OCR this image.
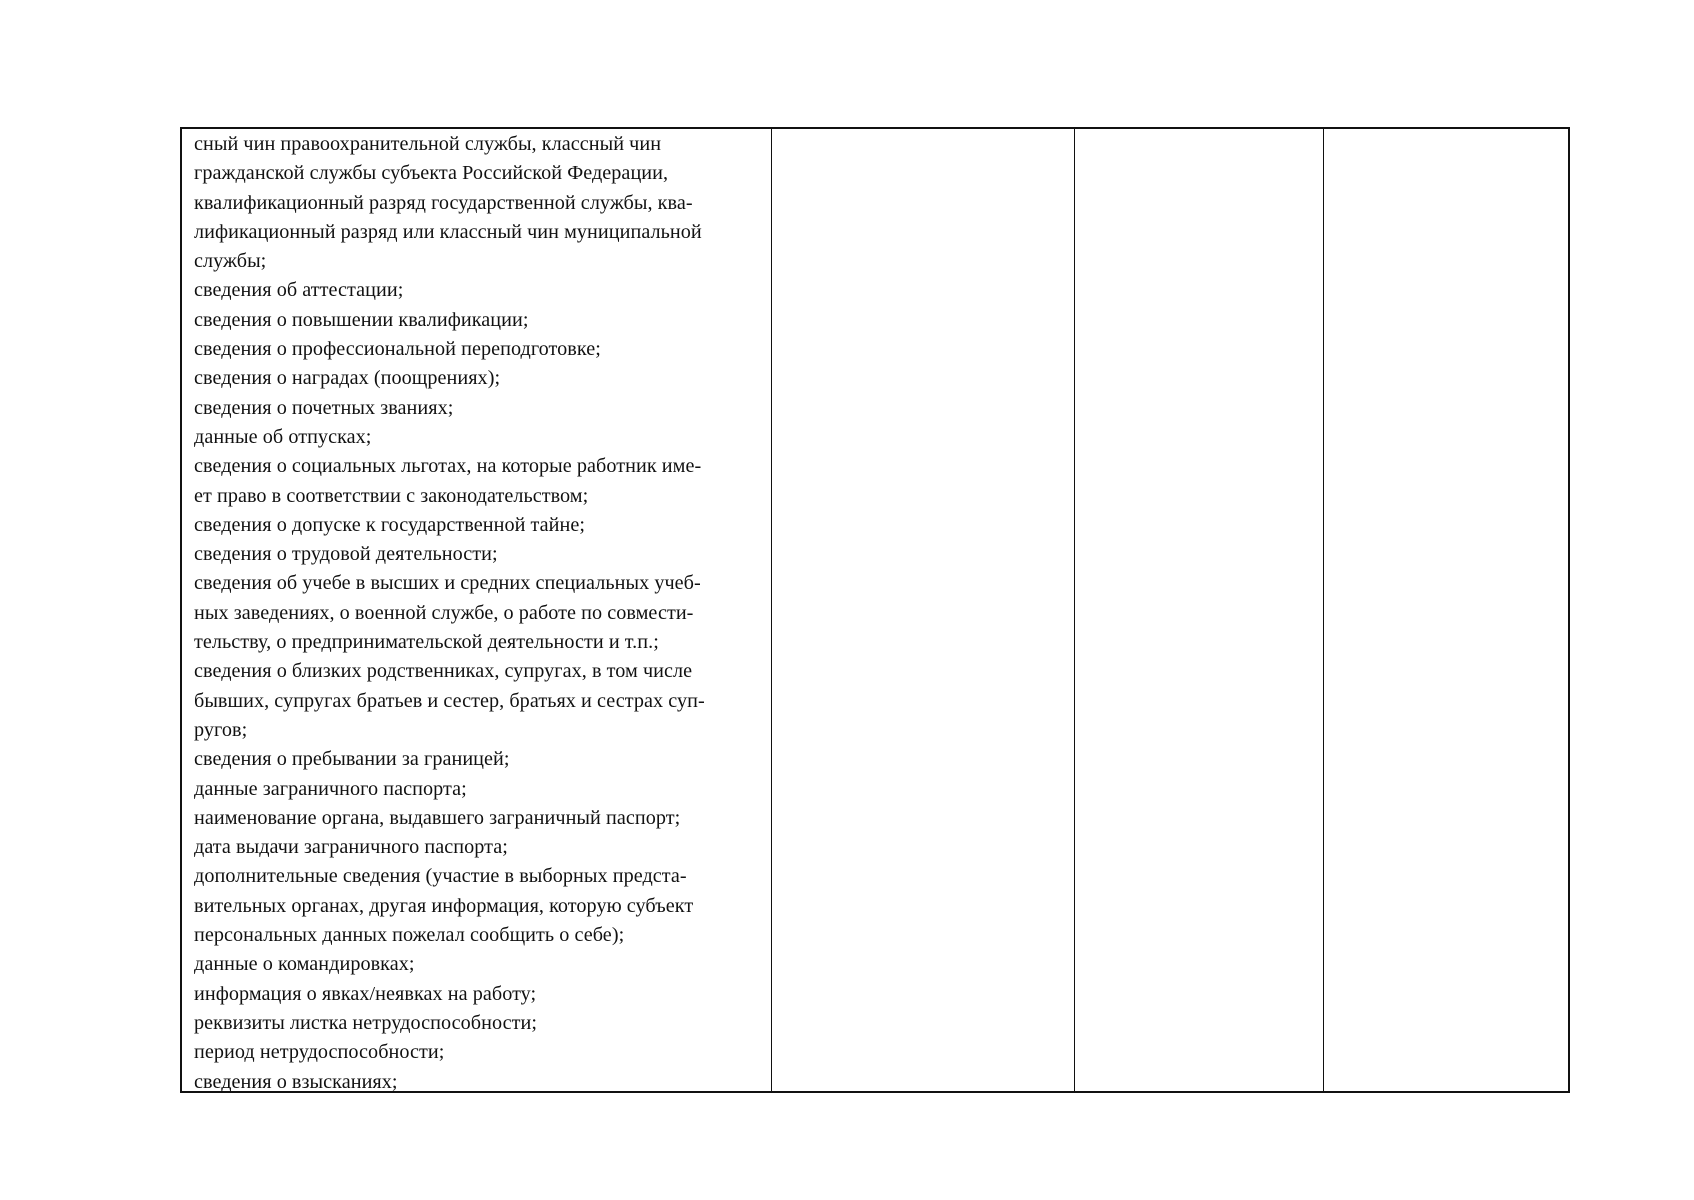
сный чин правоохранительной службы, классный чин
гражданской службы субъекта Российской Федерации,
квалификационный разряд государственной службы, ква-
лификационный разряд или классный чин муниципальной
службы;
сведения об аттестации;
сведения о повышении квалификации;
сведения о профессиональной переподготовке;
сведения о наградах (поощрениях);
сведения о почетных званиях;
данные об отпусках;
сведения о социальных льготах, на которые работник име-
ет право в соответствии с законодательством;
сведения о допуске к государственной тайне;
сведения о трудовой деятельности;
сведения об учебе в высших и средних специальных учеб-
ных заведениях, о военной службе, о работе по совмести-
тельству, о предпринимательской деятельности и т.п.;
сведения о близких родственниках, супругах, в том числе
бывших, супругах братьев и сестер, братьях и сестрах суп-
ругов;
сведения о пребывании за границей;
данные заграничного паспорта;
наименование органа, выдавшего заграничный паспорт;
дата выдачи заграничного паспорта;
дополнительные сведения (участие в выборных предста-
вительных органах, другая информация, которую субъект
персональных данных пожелал сообщить о себе);
данные о командировках;
информация о явках/неявках на работу;
реквизиты листка нетрудоспособности;
период нетрудоспособности;
сведения о взысканиях;
